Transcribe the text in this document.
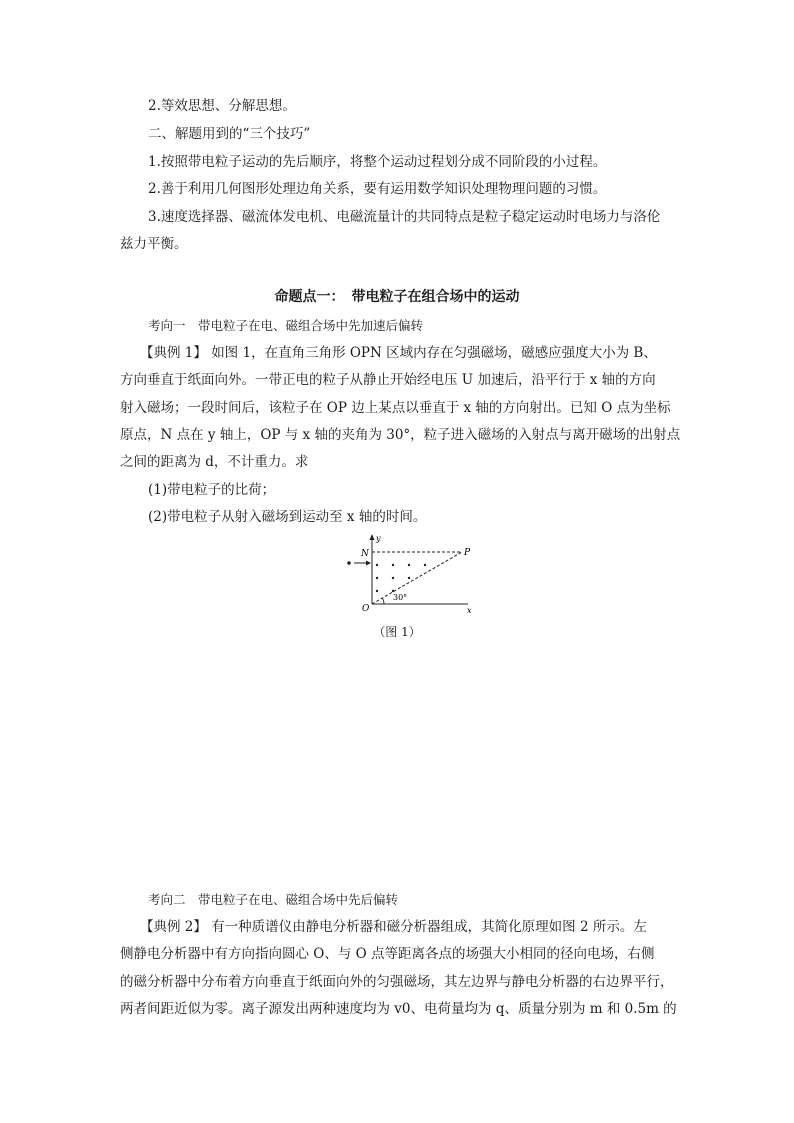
2.等效思想、分解思想。
二、解题用到的“三个技巧”
1.按照带电粒子运动的先后顺序，将整个运动过程划分成不同阶段的小过程。
2.善于利用几何图形处理边角关系，要有运用数学知识处理物理问题的习惯。
3.速度选择器、磁流体发电机、电磁流量计的共同特点是粒子稳定运动时电场力与洛伦
兹力平衡。
命题点一：　带电粒子在组合场中的运动
考向一　带电粒子在电、磁组合场中先加速后偏转
【典例 1】 如图 1，在直角三角形 OPN 区域内存在匀强磁场，磁感应强度大小为 B、
方向垂直于纸面向外。一带正电的粒子从静止开始经电压 U 加速后，沿平行于 x 轴的方向
射入磁场；一段时间后，该粒子在 OP 边上某点以垂直于 x 轴的方向射出。已知 O 点为坐标
原点，N 点在 y 轴上，OP 与 x 轴的夹角为 30°，粒子进入磁场的入射点与离开磁场的出射点
之间的距离为 d，不计重力。求
(1)带电粒子的比荷；
(2)带电粒子从射入磁场到运动至 x 轴的时间。
y
x
N	P
O
30°
（图 1）
考向二　带电粒子在电、磁组合场中先后偏转
【典例 2】 有一种质谱仪由静电分析器和磁分析器组成，其简化原理如图 2 所示。左
侧静电分析器中有方向指向圆心 O、与 O 点等距离各点的场强大小相同的径向电场，右侧
的磁分析器中分布着方向垂直于纸面向外的匀强磁场，其左边界与静电分析器的右边界平行，
两者间距近似为零。离子源发出两种速度均为 v0、电荷量均为 q、质量分别为 m 和 0.5m 的
